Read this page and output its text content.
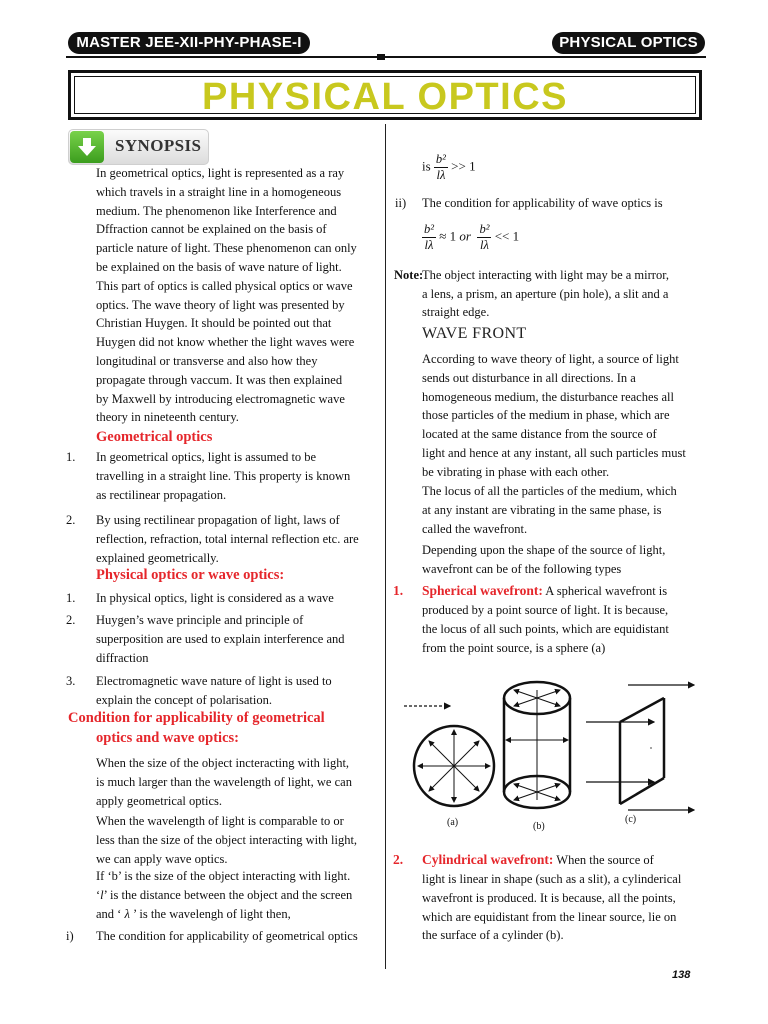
MASTER JEE-XII-PHY-PHASE-I	PHYSICAL OPTICS
PHYSICAL OPTICS
SYNOPSIS
In geometrical optics, light is represented as a ray
which travels in a straight line in a homogeneous
medium. The phenomenon like Interference and
Dffraction cannot be explained on the basis of
particle nature of light. These phenomenon can only
be explained on the basis of wave nature of light.
This part of optics is called physical optics or wave
optics. The wave theory of light was presented by
Christian Huygen. It should be pointed out that
Huygen did not know whether the light waves were
longitudinal or transverse and also how they
propagate through vaccum. It was then explained
by Maxwell by introducing electromagnetic wave
theory in nineteenth century.
Geometrical optics
1. In geometrical optics, light is assumed to be
travelling in a straight line. This property is known
as rectilinear propagation.
2. By using rectilinear propagation of light, laws of
reflection, refraction, total internal reflection etc. are
explained geometrically.
Physical optics or wave optics:
1. In physical optics, light is considered as a wave
2. Huygen’s wave principle and principle of
superposition are used to explain interference and
diffraction
3. Electromagnetic wave nature of light is used to
explain the concept of polarisation.
Condition for applicability of geometrical
optics and wave optics:
When the size of the object incteracting with light,
is much larger than the wavelength of light, we can
apply geometrical optics.
When the wavelength of light is comparable to or
less than the size of the object interacting with light,
we can apply wave optics.
If ‘b’ is the size of the object interacting with light.
‘l’ is the distance between the object and the screen
and ‘ λ ’ is the wavelengh of light then,
i) The condition for applicability of geometrical optics
is $\frac{\text{b²}}{l\lambda} >> 1$
ii) The condition for applicability of wave optics is
$\frac{\text{b²}}{l\lambda} \approx 1$ or $\frac{\text{b²}}{l\lambda} << 1$
Note:
The object interacting with light may be a mirror,
a lens, a prism, an aperture (pin hole), a slit and a
straight edge.
WAVE FRONT
According to wave theory of light, a source of light
sends out disturbance in all directions. In a
homogeneous medium, the disturbance reaches all
those particles of the medium in phase, which are
located at the same distance from the source of
light and hence at any instant, all such particles must
be vibrating in phase with each other.
The locus of all the particles of the medium, which
at any instant are vibrating in the same phase, is
called the wavefront.
Depending upon the shape of the source of light,
wavefront can be of the following types
1. Spherical wavefront: A spherical wavefront is
produced by a point source of light. It is because,
the locus of all such points, which are equidistant
from the point source, is a sphere (a)
(a)	(b)
(c)
2. Cylindrical wavefront: When the source of
light is linear in shape (such as a slit), a cylinderical
wavefront is produced. It is because, all the points,
which are equidistant from the linear source, lie on
the surface of a cylinder (b).
138
